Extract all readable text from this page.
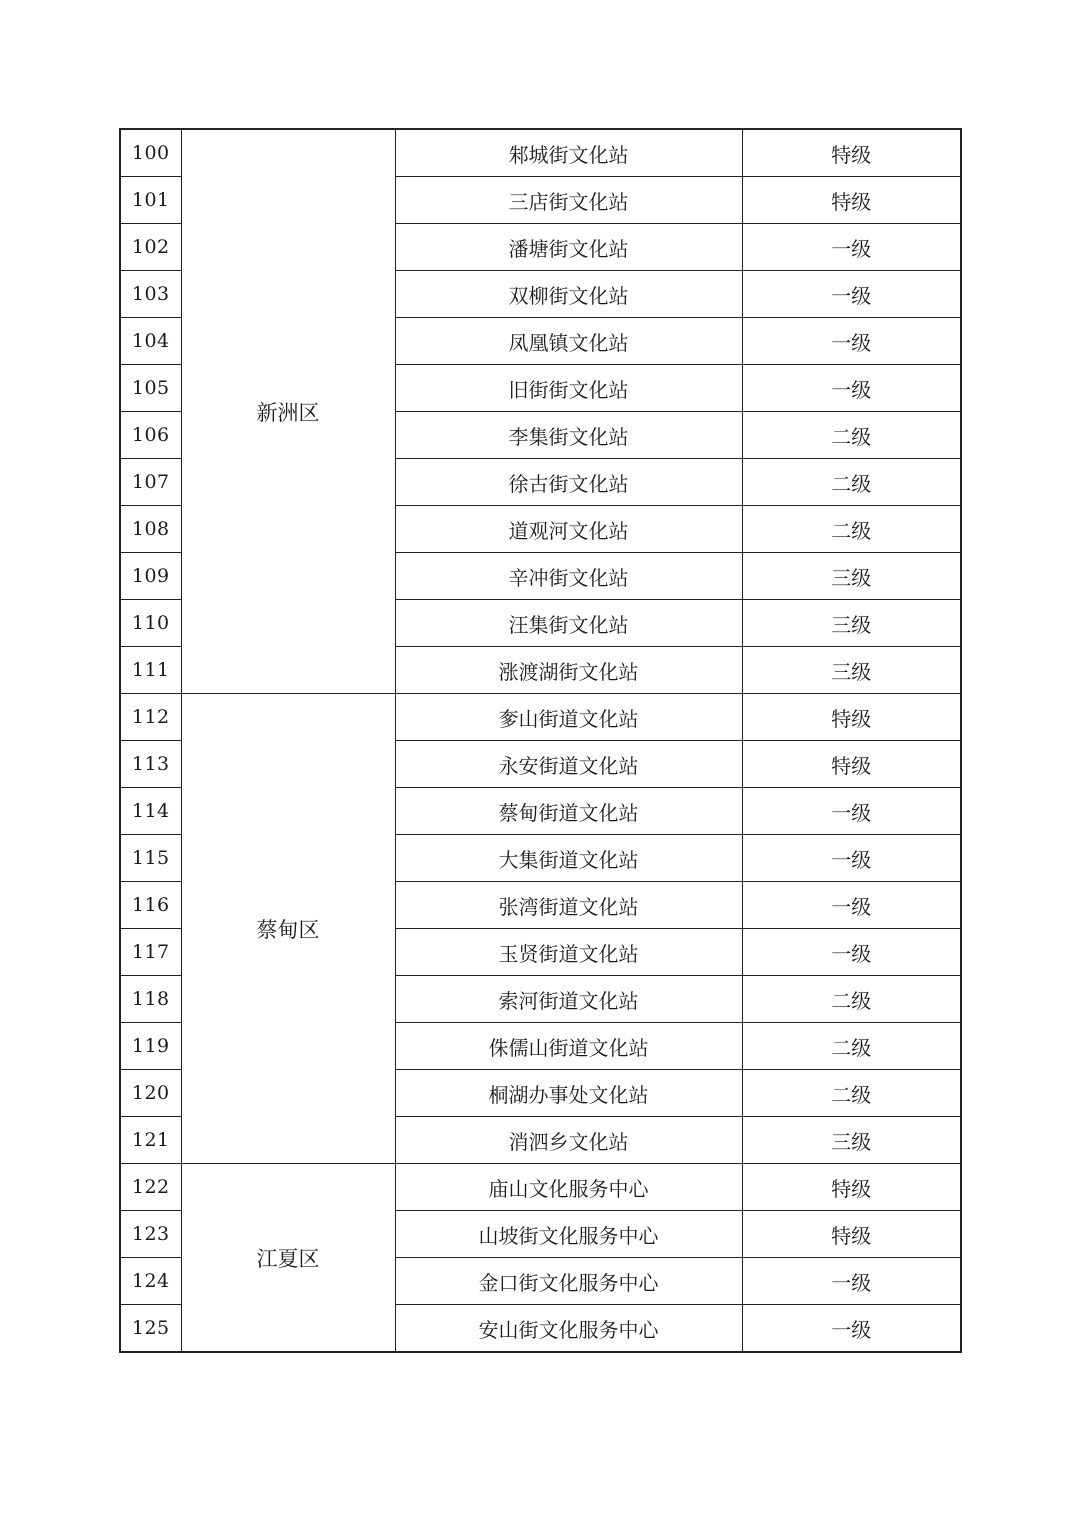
100	新洲区	邾城街文化站	特级
101		三店街文化站	特级
102		潘塘街文化站	一级
103		双柳街文化站	一级
104		凤凰镇文化站	一级
105		旧街街文化站	一级
106		李集街文化站	二级
107		徐古街文化站	二级
108		道观河文化站	二级
109		辛冲街文化站	三级
110		汪集街文化站	三级
111		涨渡湖街文化站	三级
112	蔡甸区	奓山街道文化站	特级
113		永安街道文化站	特级
114		蔡甸街道文化站	一级
115		大集街道文化站	一级
116		张湾街道文化站	一级
117		玉贤街道文化站	一级
118		索河街道文化站	二级
119		侏儒山街道文化站	二级
120		桐湖办事处文化站	二级
121		消泗乡文化站	三级
122	江夏区	庙山文化服务中心	特级
123		山坡街文化服务中心	特级
124		金口街文化服务中心	一级
125		安山街文化服务中心	一级
